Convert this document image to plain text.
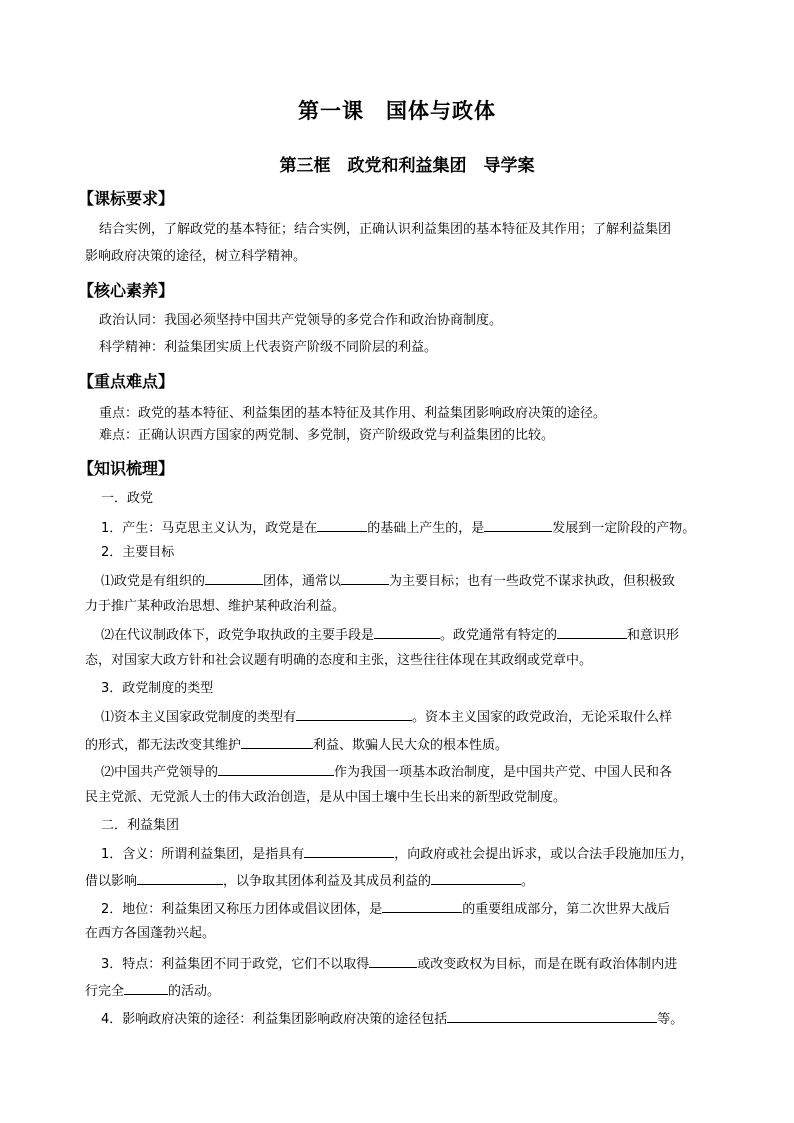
第一课　国体与政体
第三框　政党和利益集团　导学案
【课标要求】
结合实例，了解政党的基本特征；结合实例，正确认识利益集团的基本特征及其作用；了解利益集团
影响政府决策的途径，树立科学精神。
【核心素养】
政治认同：我国必须坚持中国共产党领导的多党合作和政治协商制度。
科学精神：利益集团实质上代表资产阶级不同阶层的利益。
【重点难点】
重点：政党的基本特征、利益集团的基本特征及其作用、利益集团影响政府决策的途径。
难点：正确认识西方国家的两党制、多党制，资产阶级政党与利益集团的比较。
【知识梳理】
一．政党
1．产生：马克思主义认为，政党是在	的基础上产生的，是	发展到一定阶段的产物。
2．主要目标
⑴政党是有组织的	团体，通常以	为主要目标；也有一些政党不谋求执政，但积极致
力于推广某种政治思想、维护某种政治利益。
⑵在代议制政体下，政党争取执政的主要手段是	。政党通常有特定的	和意识形
态，对国家大政方针和社会议题有明确的态度和主张，这些往往体现在其政纲或党章中。
3．政党制度的类型
⑴资本主义国家政党制度的类型有	。资本主义国家的政党政治，无论采取什么样
的形式，都无法改变其维护	利益、欺骗人民大众的根本性质。
⑵中国共产党领导的	作为我国一项基本政治制度，是中国共产党、中国人民和各
民主党派、无党派人士的伟大政治创造，是从中国土壤中生长出来的新型政党制度。
二．利益集团
1．含义：所谓利益集团，是指具有	，向政府或社会提出诉求，或以合法手段施加压力，
借以影响	，以争取其团体利益及其成员利益的	。
2．地位：利益集团又称压力团体或倡议团体，是	的重要组成部分，第二次世界大战后
在西方各国蓬勃兴起。
3．特点：利益集团不同于政党，它们不以取得	或改变政权为目标，而是在既有政治体制内进
行完全	的活动。
4．影响政府决策的途径：利益集团影响政府决策的途径包括	等。
